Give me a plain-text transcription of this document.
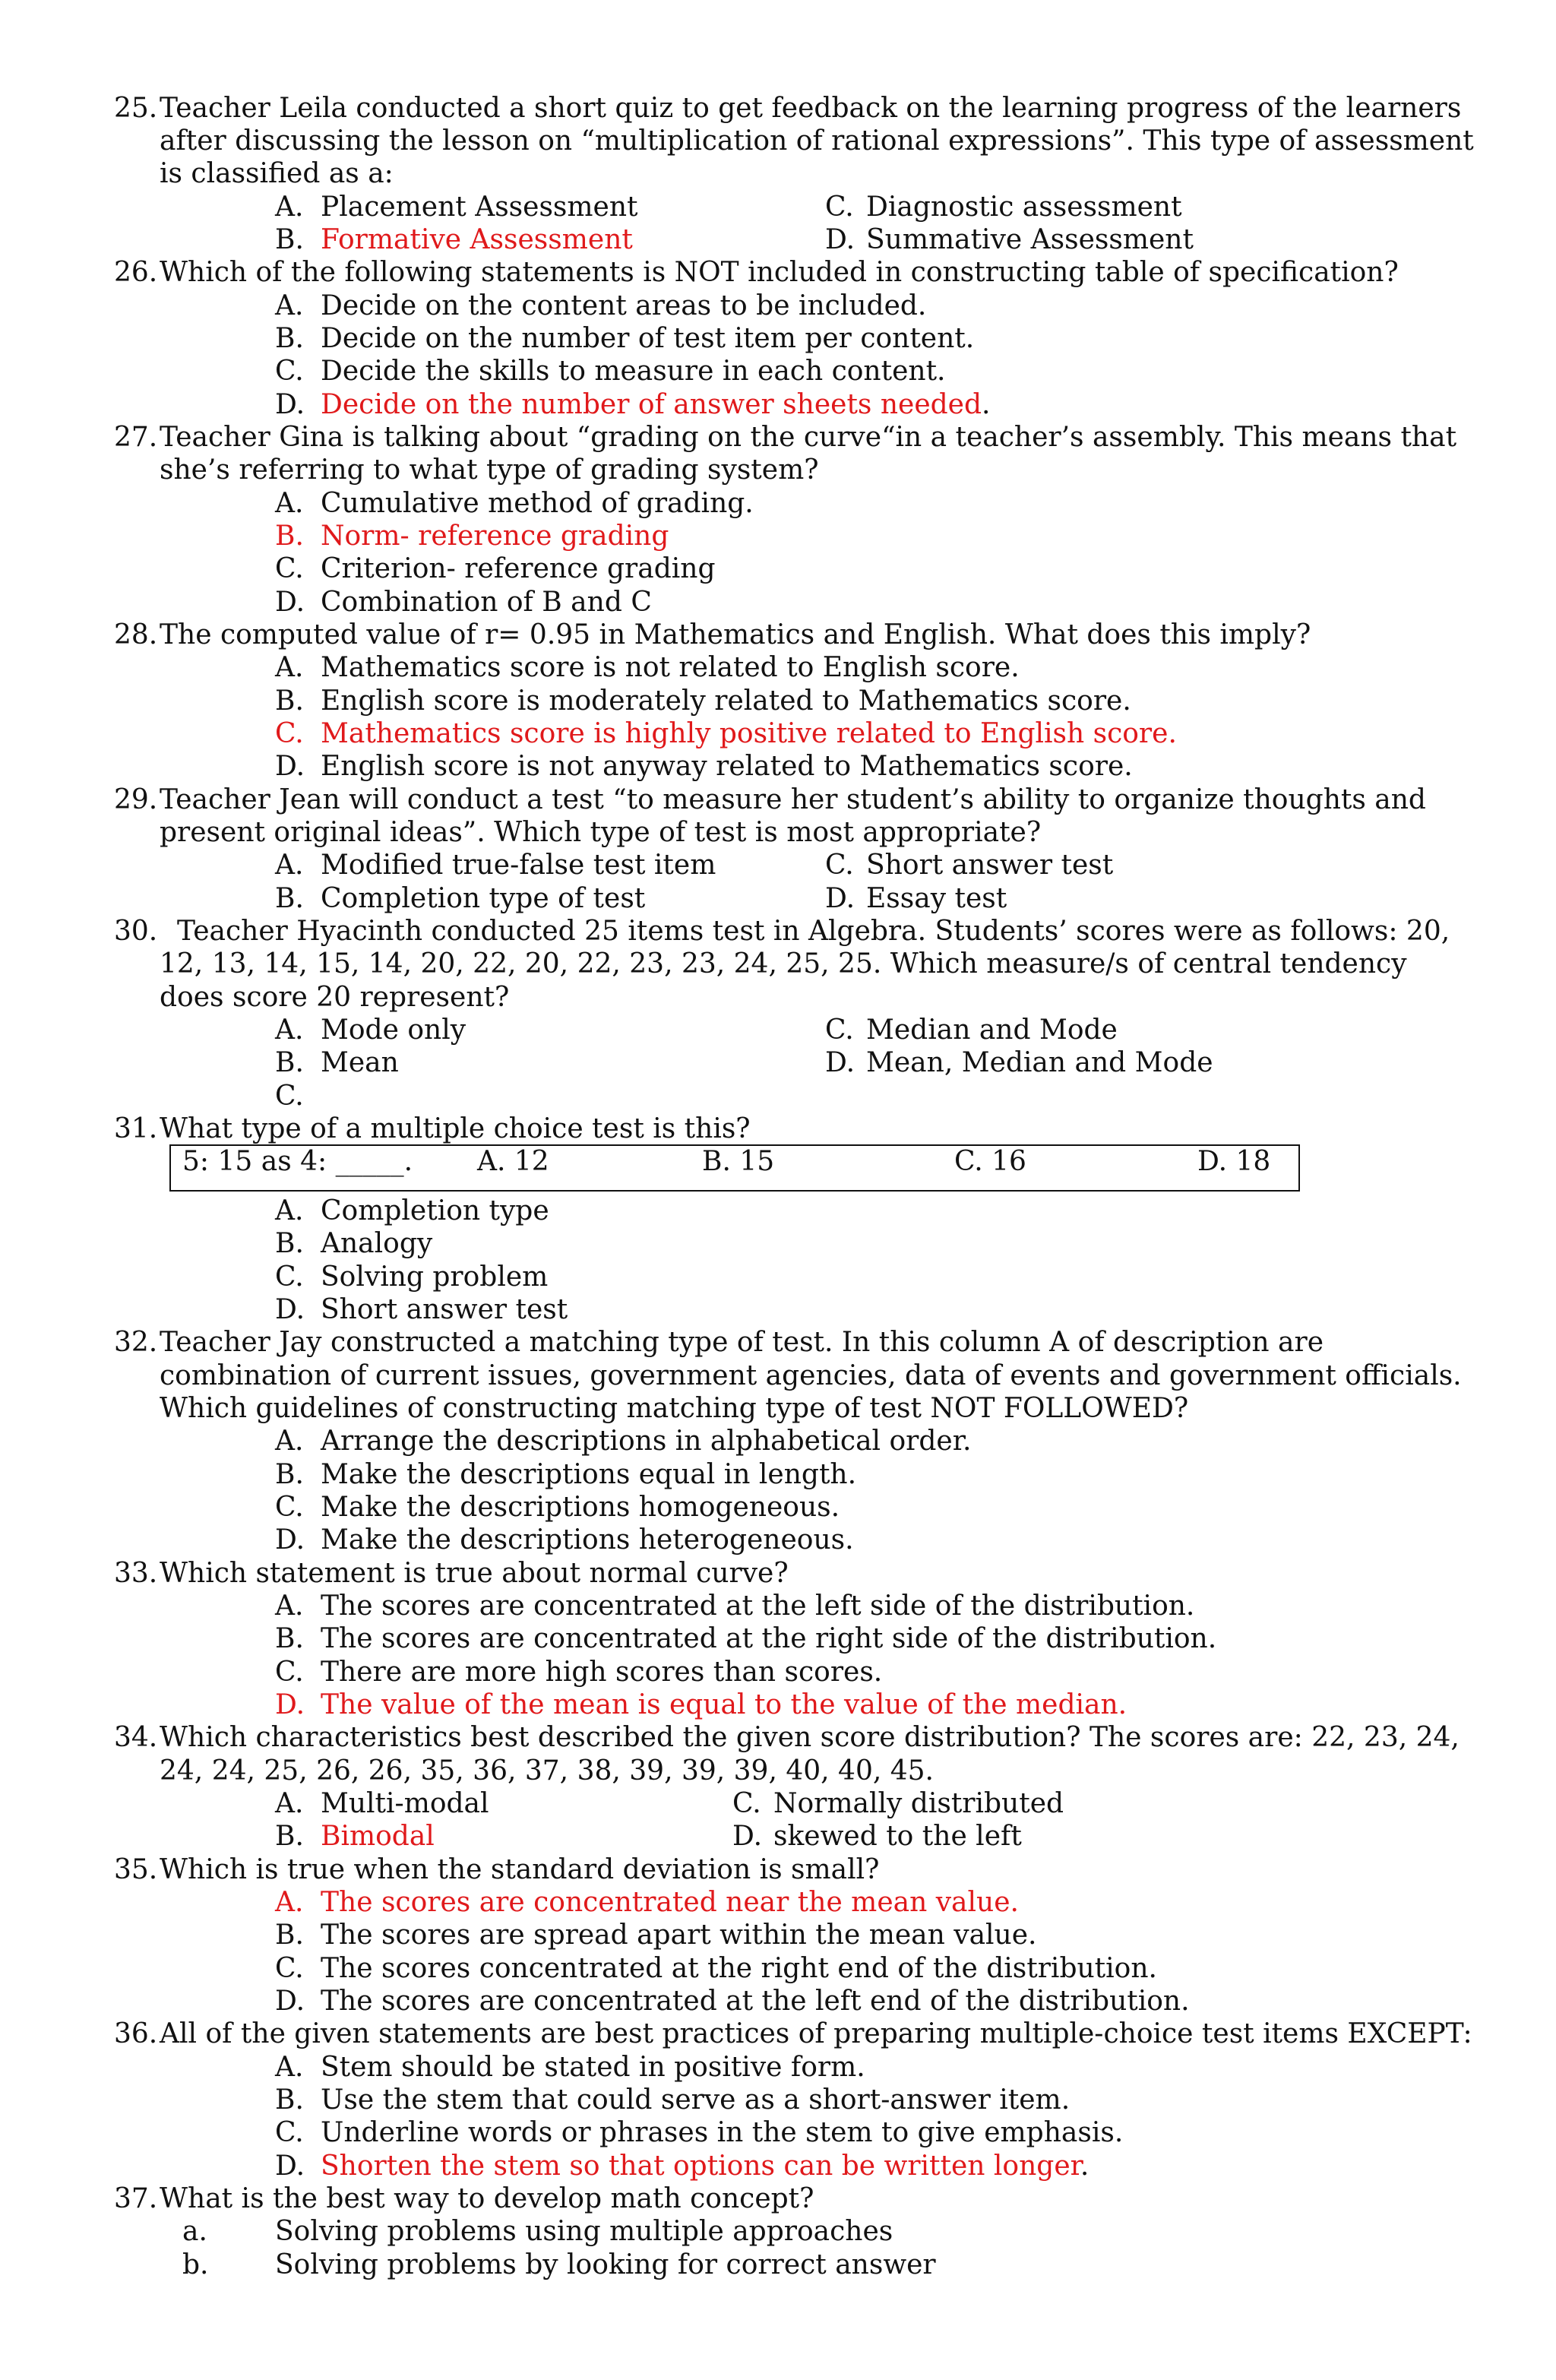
25. Teacher Leila conducted a short quiz to get feedback on the learning progress of the learners
after discussing the lesson on “multiplication of rational expressions”. This type of assessment
is classified as a:
A. Placement Assessment	C. Diagnostic assessment
B. Formative Assessment	D. Summative Assessment
26. Which of the following statements is NOT included in constructing table of specification?
A. Decide on the content areas to be included.
B. Decide on the number of test item per content.
C. Decide the skills to measure in each content.
D. Decide on the number of answer sheets needed.
27. Teacher Gina is talking about “grading on the curve“in a teacher’s assembly. This means that
she’s referring to what type of grading system?
A. Cumulative method of grading.
B. Norm- reference grading
C. Criterion- reference grading
D. Combination of B and C
28. The computed value of r= 0.95 in Mathematics and English. What does this imply?
A. Mathematics score is not related to English score.
B. English score is moderately related to Mathematics score.
C. Mathematics score is highly positive related to English score.
D. English score is not anyway related to Mathematics score.
29. Teacher Jean will conduct a test “to measure her student’s ability to organize thoughts and
present original ideas”. Which type of test is most appropriate?
A. Modified true-false test item	C. Short answer test
B. Completion type of test	D. Essay test
30. Teacher Hyacinth conducted 25 items test in Algebra. Students’ scores were as follows: 20,
12, 13, 14, 15, 14, 20, 22, 20, 22, 23, 23, 24, 25, 25. Which measure/s of central tendency
does score 20 represent?
A. Mode only	C. Median and Mode
B. Mean	D. Mean, Median and Mode
C.
31. What type of a multiple choice test is this?
5: 15 as 4: _____. A. 12	B. 15	C. 16	D. 18
A. Completion type
B. Analogy
C. Solving problem
D. Short answer test
32. Teacher Jay constructed a matching type of test. In this column A of description are
combination of current issues, government agencies, data of events and government officials.
Which guidelines of constructing matching type of test NOT FOLLOWED?
A. Arrange the descriptions in alphabetical order.
B. Make the descriptions equal in length.
C. Make the descriptions homogeneous.
D. Make the descriptions heterogeneous.
33. Which statement is true about normal curve?
A. The scores are concentrated at the left side of the distribution.
B. The scores are concentrated at the right side of the distribution.
C. There are more high scores than scores.
D. The value of the mean is equal to the value of the median.
34. Which characteristics best described the given score distribution? The scores are: 22, 23, 24,
24, 24, 25, 26, 26, 35, 36, 37, 38, 39, 39, 39, 40, 40, 45.
A. Multi-modal	C. Normally distributed
B. Bimodal	D. skewed to the left
35. Which is true when the standard deviation is small?
A. The scores are concentrated near the mean value.
B. The scores are spread apart within the mean value.
C. The scores concentrated at the right end of the distribution.
D. The scores are concentrated at the left end of the distribution.
36. All of the given statements are best practices of preparing multiple-choice test items EXCEPT:
A. Stem should be stated in positive form.
B. Use the stem that could serve as a short-answer item.
C. Underline words or phrases in the stem to give emphasis.
D. Shorten the stem so that options can be written longer.
37. What is the best way to develop math concept?
a. Solving problems using multiple approaches
b. Solving problems by looking for correct answer
